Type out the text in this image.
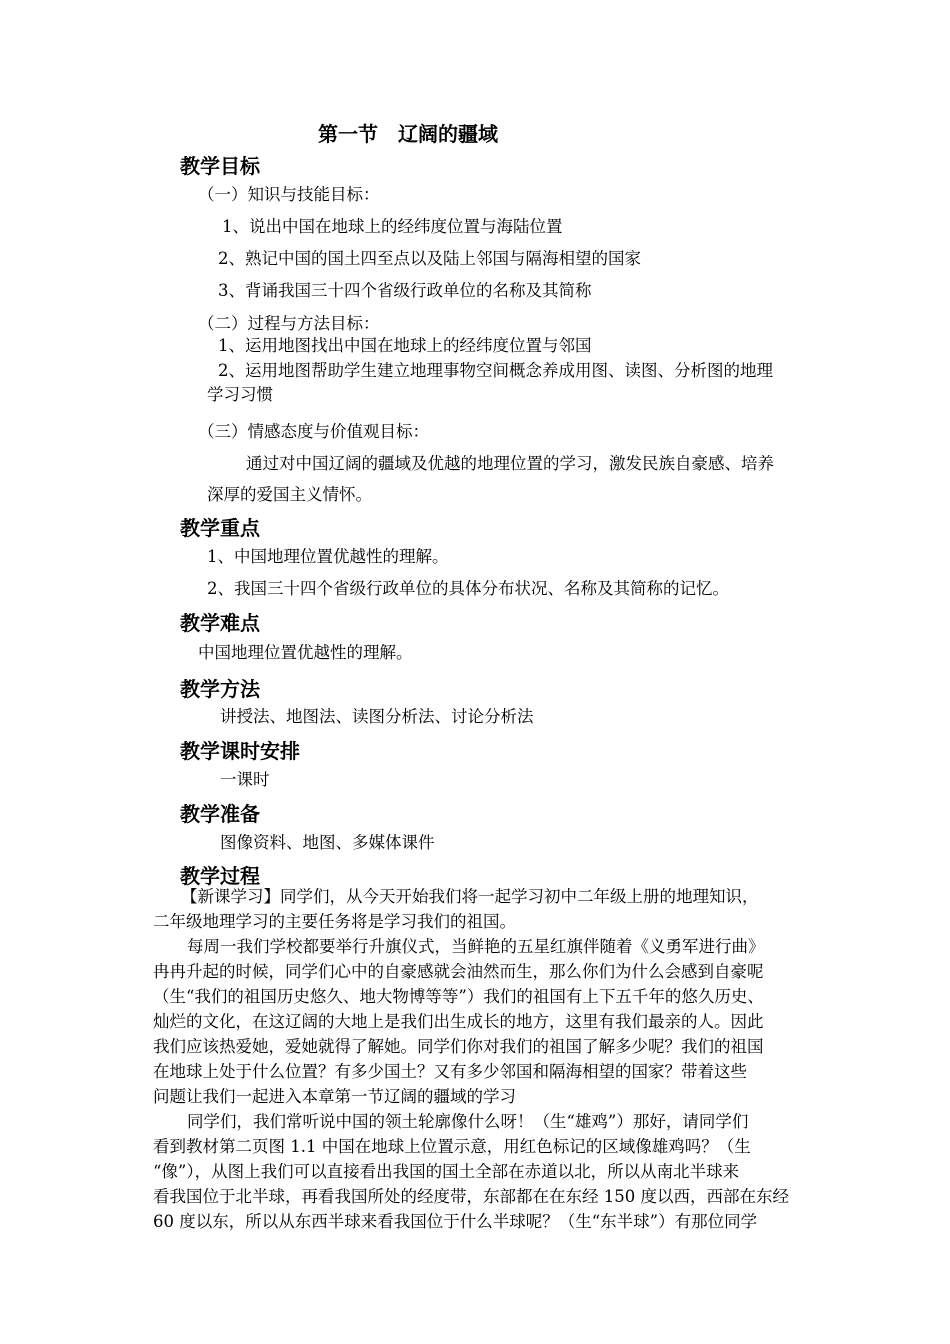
第一节　辽阔的疆域
教学目标
（一）知识与技能目标：
1、说出中国在地球上的经纬度位置与海陆位置
2、熟记中国的国土四至点以及陆上邻国与隔海相望的国家
3、背诵我国三十四个省级行政单位的名称及其简称
（二）过程与方法目标：
1、运用地图找出中国在地球上的经纬度位置与邻国
2、运用地图帮助学生建立地理事物空间概念养成用图、读图、分析图的地理
学习习惯
（三）情感态度与价值观目标：
通过对中国辽阔的疆域及优越的地理位置的学习，激发民族自豪感、培养
深厚的爱国主义情怀。
教学重点
1、中国地理位置优越性的理解。
2、我国三十四个省级行政单位的具体分布状况、名称及其简称的记忆。
教学难点
中国地理位置优越性的理解。
教学方法
讲授法、地图法、读图分析法、讨论分析法
教学课时安排
一课时
教学准备
图像资料、地图、多媒体课件
教学过程
【新课学习】同学们，从今天开始我们将一起学习初中二年级上册的地理知识，
二年级地理学习的主要任务将是学习我们的祖国。
每周一我们学校都要举行升旗仪式，当鲜艳的五星红旗伴随着《义勇军进行曲》
冉冉升起的时候，同学们心中的自豪感就会油然而生，那么你们为什么会感到自豪呢
（生“我们的祖国历史悠久、地大物博等等”）我们的祖国有上下五千年的悠久历史、
灿烂的文化，在这辽阔的大地上是我们出生成长的地方，这里有我们最亲的人。因此
我们应该热爱她，爱她就得了解她。同学们你对我们的祖国了解多少呢？我们的祖国
在地球上处于什么位置？有多少国土？又有多少邻国和隔海相望的国家？带着这些
问题让我们一起进入本章第一节辽阔的疆域的学习
同学们，我们常听说中国的领土轮廓像什么呀！（生“雄鸡”）那好，请同学们
看到教材第二页图 1.1 中国在地球上位置示意，用红色标记的区域像雄鸡吗？（生
“像”），从图上我们可以直接看出我国的国土全部在赤道以北，所以从南北半球来
看我国位于北半球，再看我国所处的经度带，东部都在在东经 150 度以西，西部在东经
60 度以东，所以从东西半球来看我国位于什么半球呢？（生“东半球”）有那位同学
